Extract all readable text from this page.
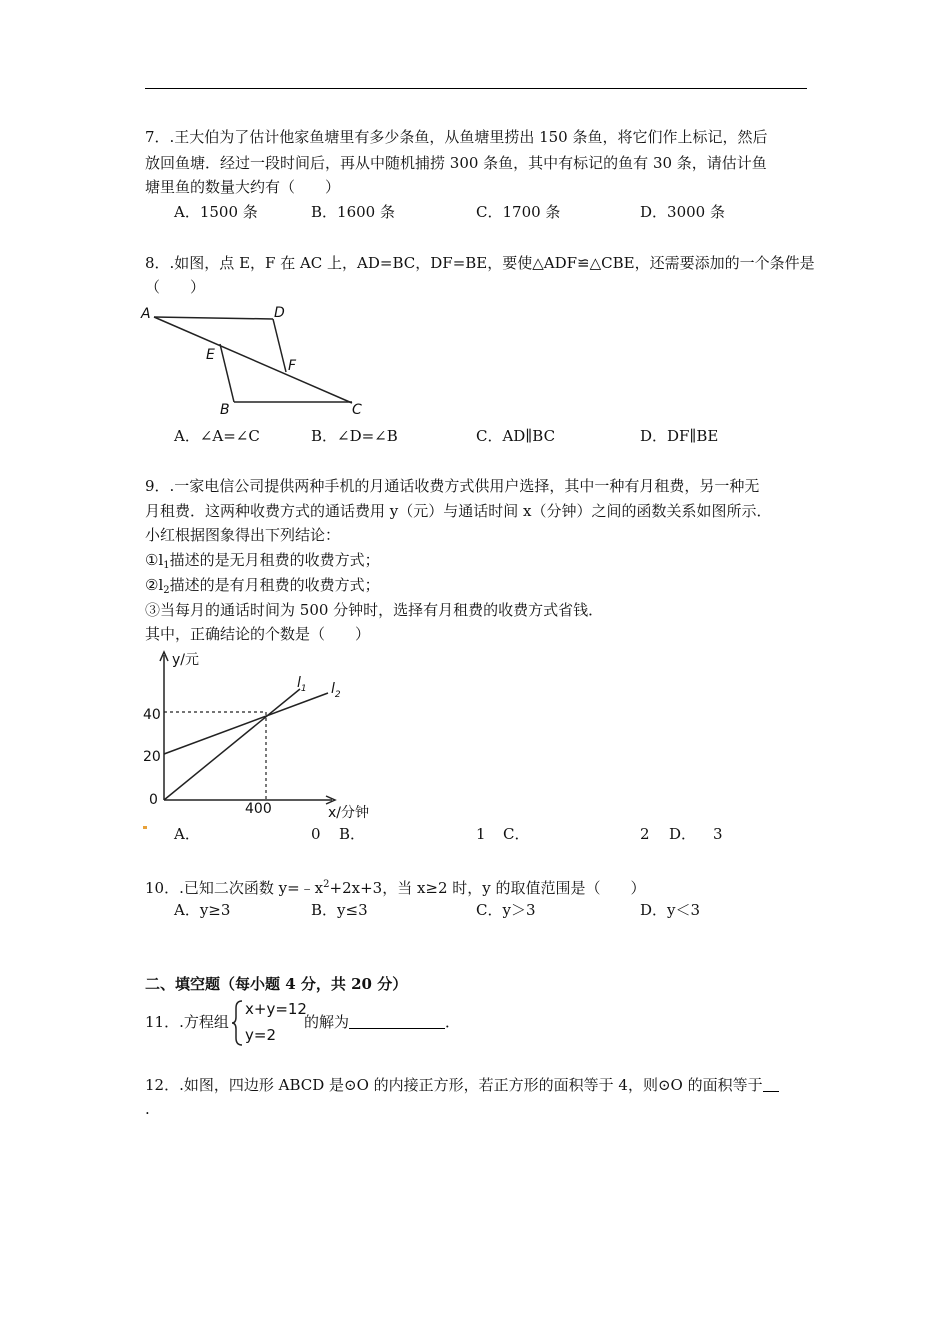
7．.王大伯为了估计他家鱼塘里有多少条鱼，从鱼塘里捞出 150 条鱼，将它们作上标记，然后
放回鱼塘．经过一段时间后，再从中随机捕捞 300 条鱼，其中有标记的鱼有 30 条，请估计鱼
塘里鱼的数量大约有（　　）
A．1500 条	B．1600 条	C．1700 条	D．3000 条
8．.如图，点 E，F 在 AC 上，AD=BC，DF=BE，要使△ADF≌△CBE，还需要添加的一个条件是
（　　）
A	D
E
F
B	C
A．∠A=∠C	B．∠D=∠B	C．AD∥BC	D．DF∥BE
9．.一家电信公司提供两种手机的月通话收费方式供用户选择，其中一种有月租费，另一种无
月租费．这两种收费方式的通话费用 y（元）与通话时间 x（分钟）之间的函数关系如图所示．
小红根据图象得出下列结论：
$①l_1$描述的是无月租费的收费方式；
$②l_2$描述的是有月租费的收费方式；
③当每月的通话时间为 500 分钟时，选择有月租费的收费方式省钱．
其中，正确结论的个数是（　　）
y/元
x/分钟
40
20
0
400
$l_1$ $l_2$
A．	0 B．	1 C．	2 D． 3
10．.已知二次函数 $y=﹣x^2+2x+3$，当 x≥2 时，y 的取值范围是（　　）
A．y≥3	B．y≤3	C．y＞3	D．y＜3
二、填空题（每小题 4 分，共 20 分）
11．.方程组
x+y=12
y=2
的解为	．
12．.如图，四边形 ABCD 是⊙O 的内接正方形，若正方形的面积等于 4，则⊙O 的面积等于
.
